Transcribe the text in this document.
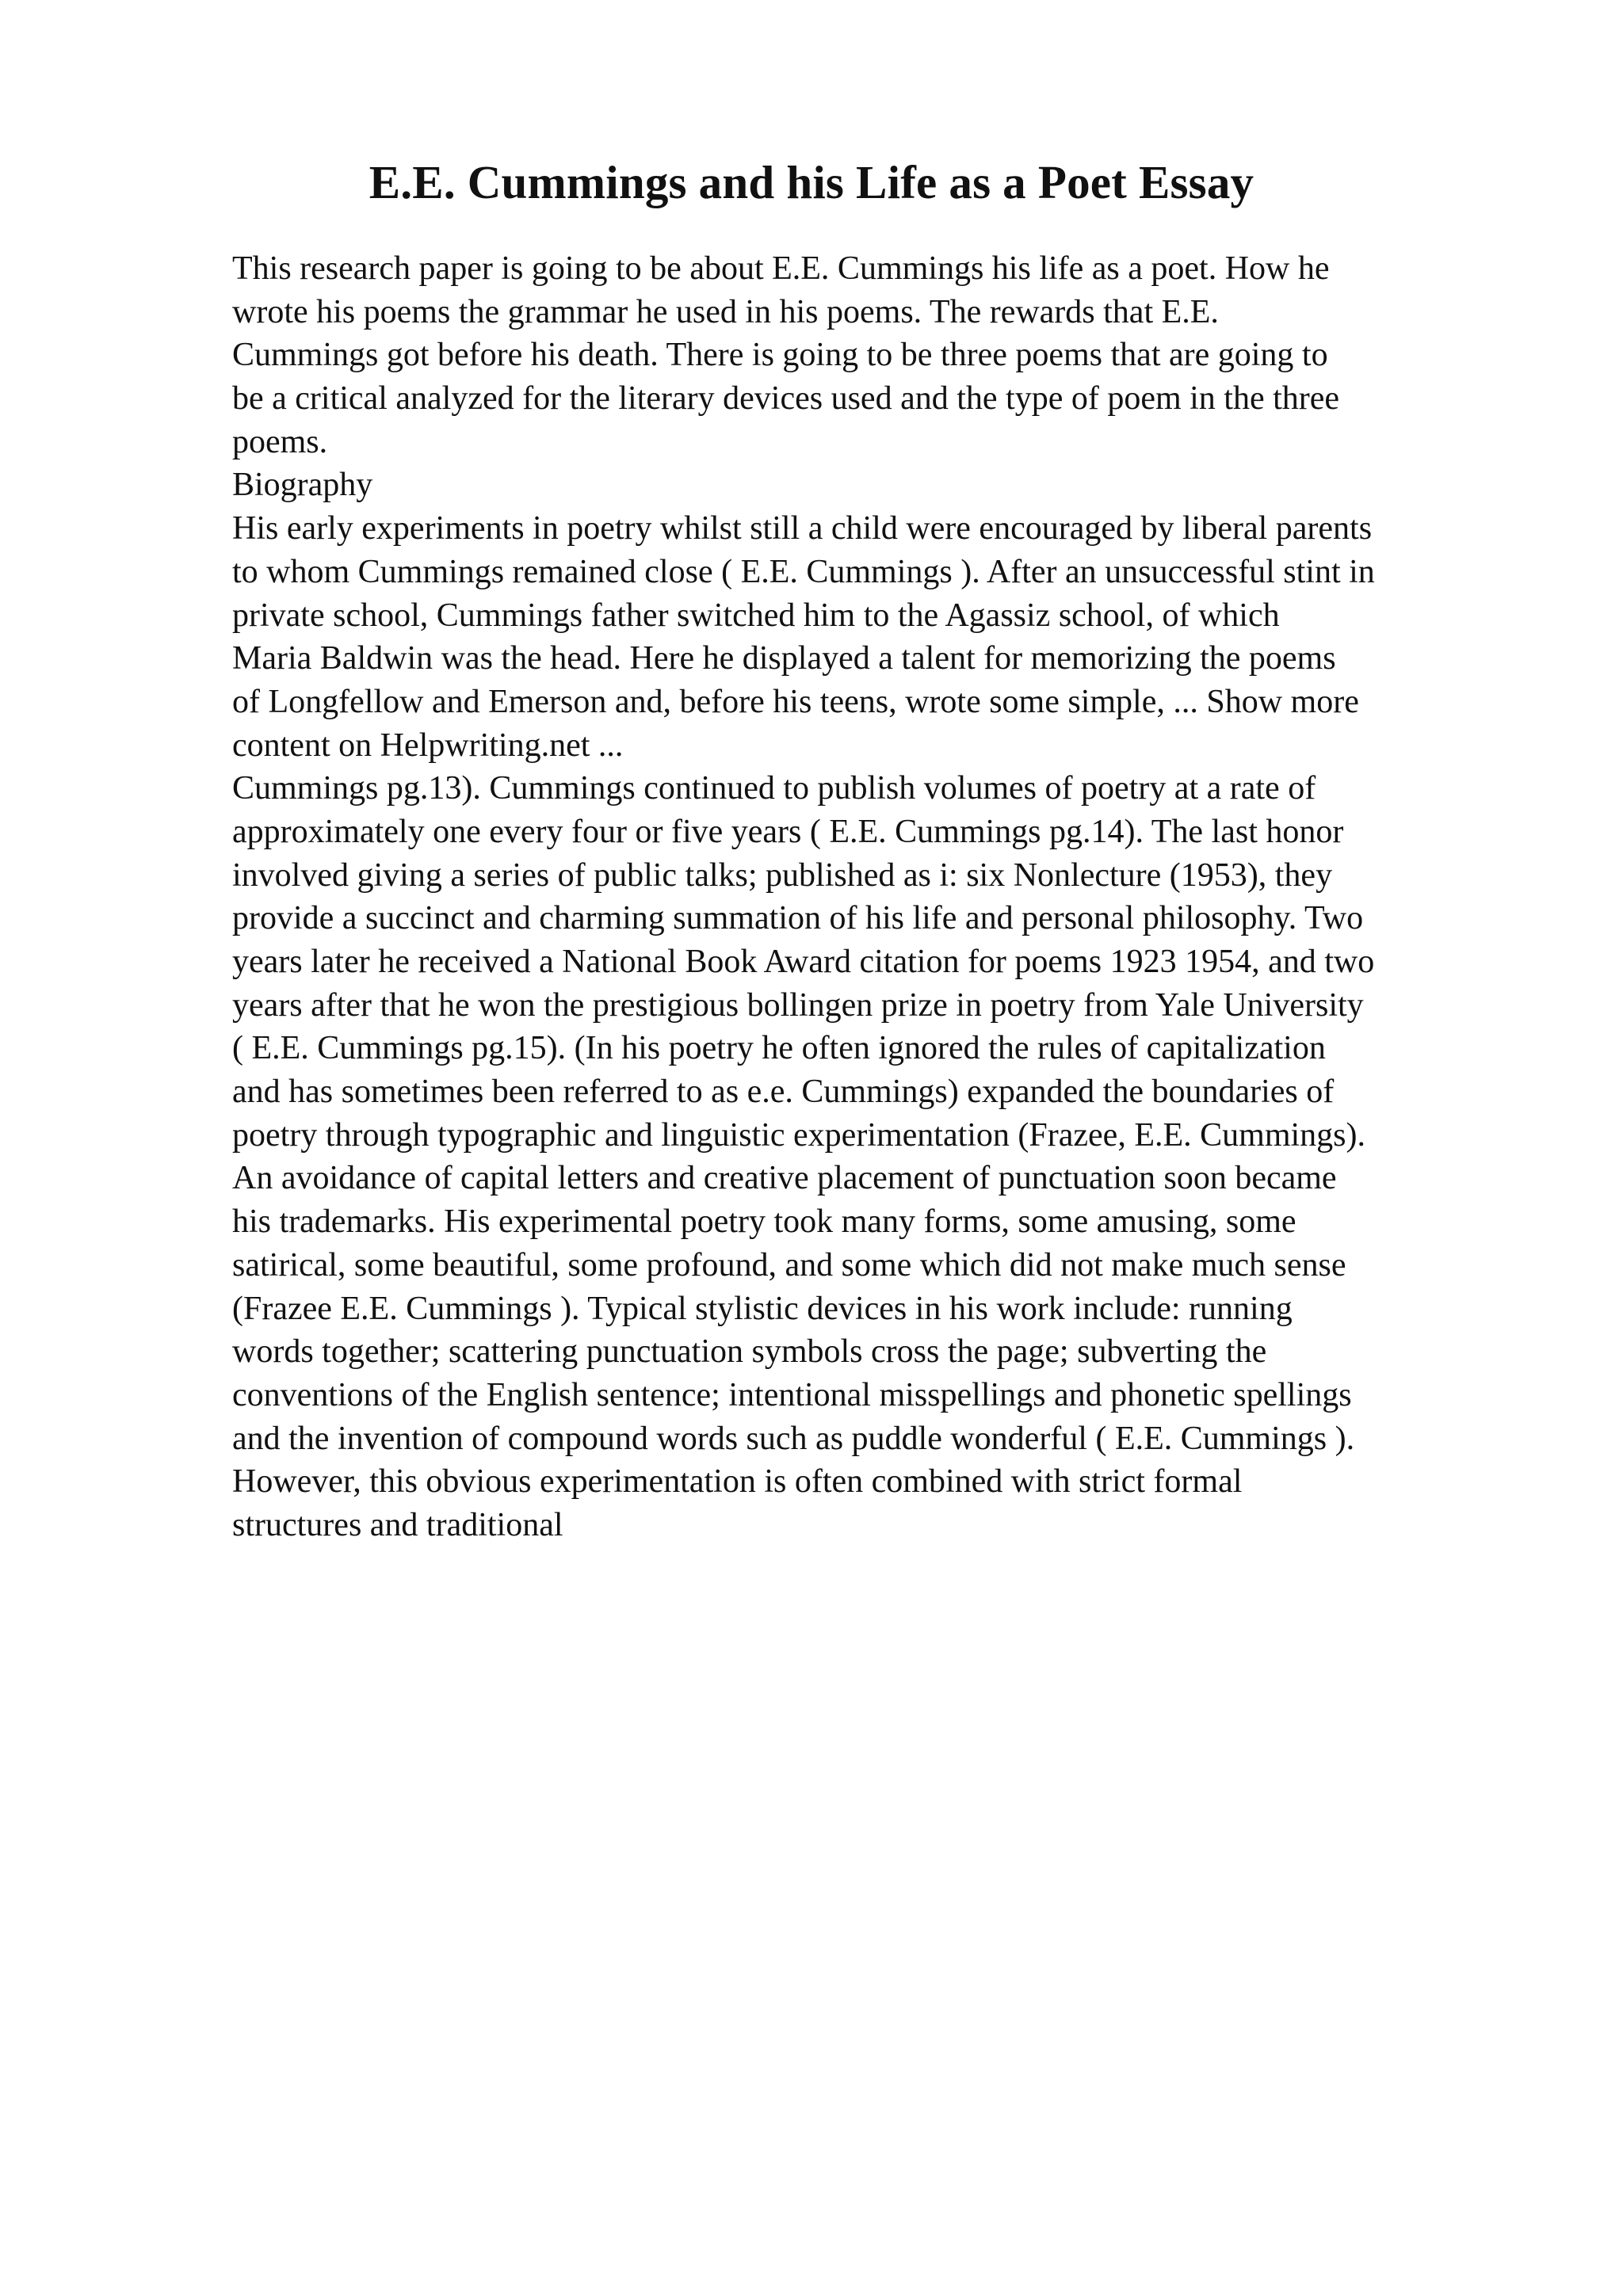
E.E. Cummings and his Life as a Poet Essay
This research paper is going to be about E.E. Cummings his life as a poet. How he
wrote his poems the grammar he used in his poems. The rewards that E.E.
Cummings got before his death. There is going to be three poems that are going to
be a critical analyzed for the literary devices used and the type of poem in the three
poems.
Biography
His early experiments in poetry whilst still a child were encouraged by liberal parents
to whom Cummings remained close ( E.E. Cummings ). After an unsuccessful stint in
private school, Cummings father switched him to the Agassiz school, of which
Maria Baldwin was the head. Here he displayed a talent for memorizing the poems
of Longfellow and Emerson and, before his teens, wrote some simple, ... Show more
content on Helpwriting.net ...
Cummings pg.13). Cummings continued to publish volumes of poetry at a rate of
approximately one every four or five years ( E.E. Cummings pg.14). The last honor
involved giving a series of public talks; published as i: six Nonlecture (1953), they
provide a succinct and charming summation of his life and personal philosophy. Two
years later he received a National Book Award citation for poems 1923 1954, and two
years after that he won the prestigious bollingen prize in poetry from Yale University
( E.E. Cummings pg.15). (In his poetry he often ignored the rules of capitalization
and has sometimes been referred to as e.e. Cummings) expanded the boundaries of
poetry through typographic and linguistic experimentation (Frazee, E.E. Cummings).
An avoidance of capital letters and creative placement of punctuation soon became
his trademarks. His experimental poetry took many forms, some amusing, some
satirical, some beautiful, some profound, and some which did not make much sense
(Frazee E.E. Cummings ). Typical stylistic devices in his work include: running
words together; scattering punctuation symbols cross the page; subverting the
conventions of the English sentence; intentional misspellings and phonetic spellings
and the invention of compound words such as puddle wonderful ( E.E. Cummings ).
However, this obvious experimentation is often combined with strict formal
structures and traditional
